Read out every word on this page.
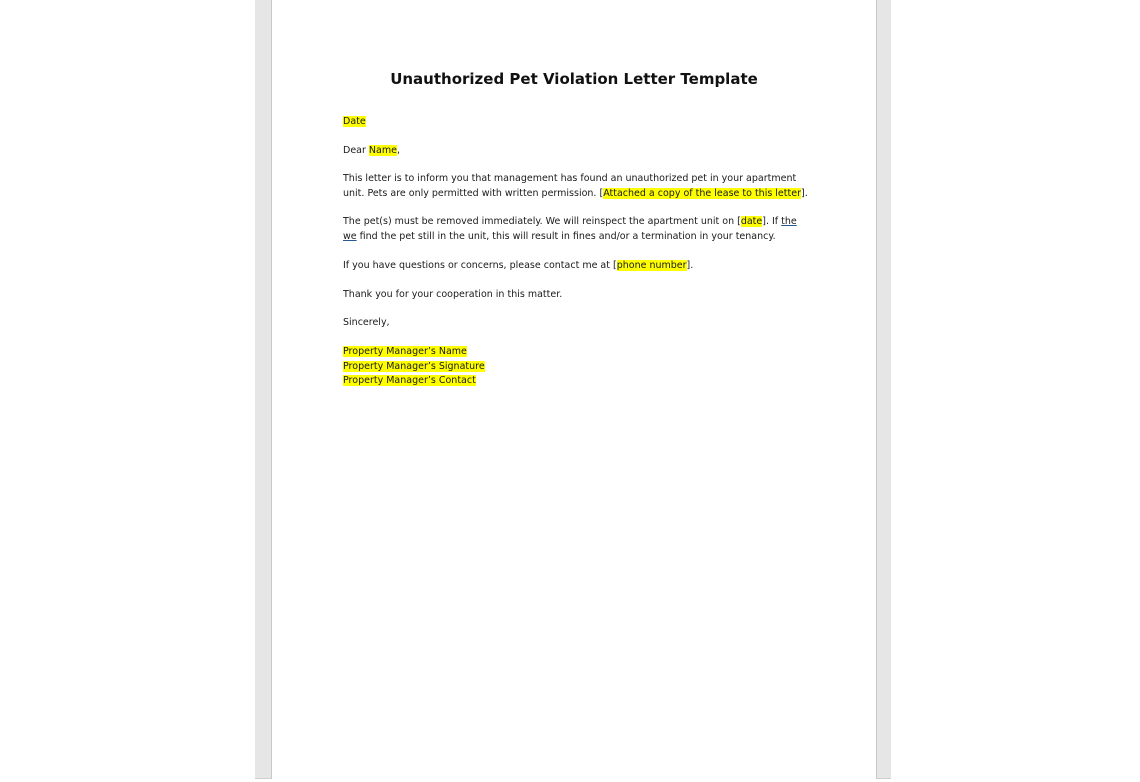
Unauthorized Pet Violation Letter Template
Date
Dear Name,
This letter is to inform you that management has found an unauthorized pet in your apartment unit. Pets are only permitted with written permission. [Attached a copy of the lease to this letter].
The pet(s) must be removed immediately. We will reinspect the apartment unit on [date]. If the we find the pet still in the unit, this will result in fines and/or a termination in your tenancy.
If you have questions or concerns, please contact me at [phone number].
Thank you for your cooperation in this matter.
Sincerely,
Property Manager’s Name
Property Manager’s Signature
Property Manager’s Contact
